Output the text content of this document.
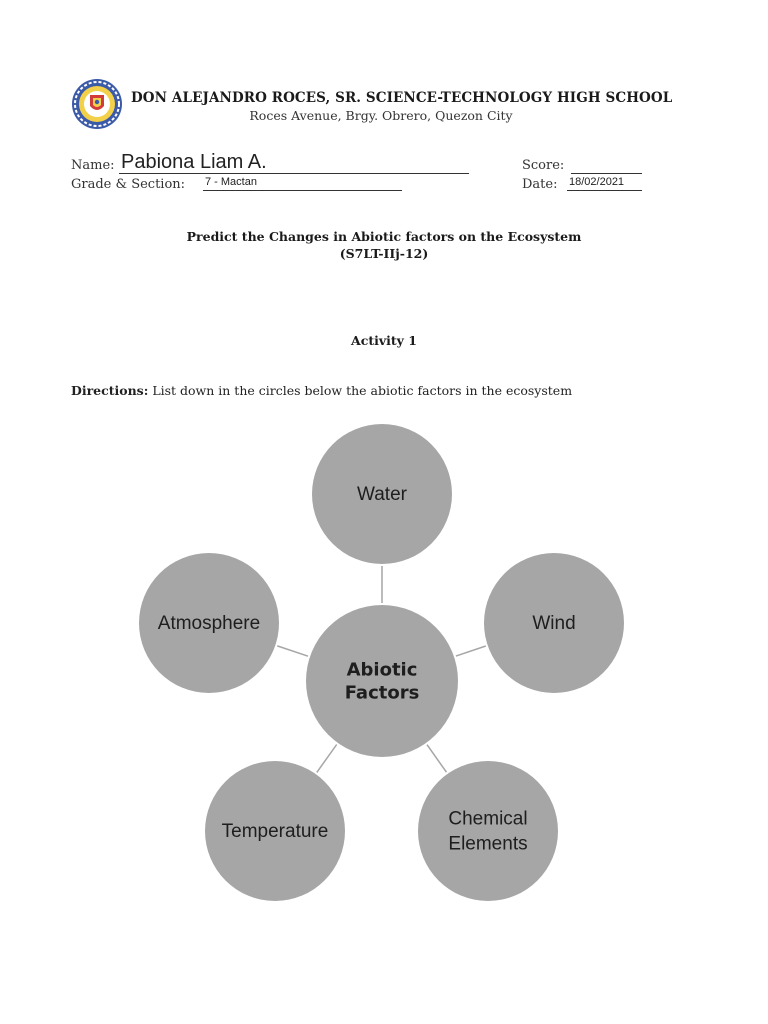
DON ALEJANDRO ROCES, SR. SCIENCE-TECHNOLOGY HIGH SCHOOL
Roces Avenue, Brgy. Obrero, Quezon City
Name: Pabiona Liam A.
Grade & Section: 7 - Mactan
Score:
Date: 18/02/2021
Predict the Changes in Abiotic factors on the Ecosystem
(S7LT-IIj-12)
Activity 1
Directions: List down in the circles below the abiotic factors in the ecosystem
Abiotic
Factors
Water
Wind
Chemical
Elements
Temperature
Atmosphere
